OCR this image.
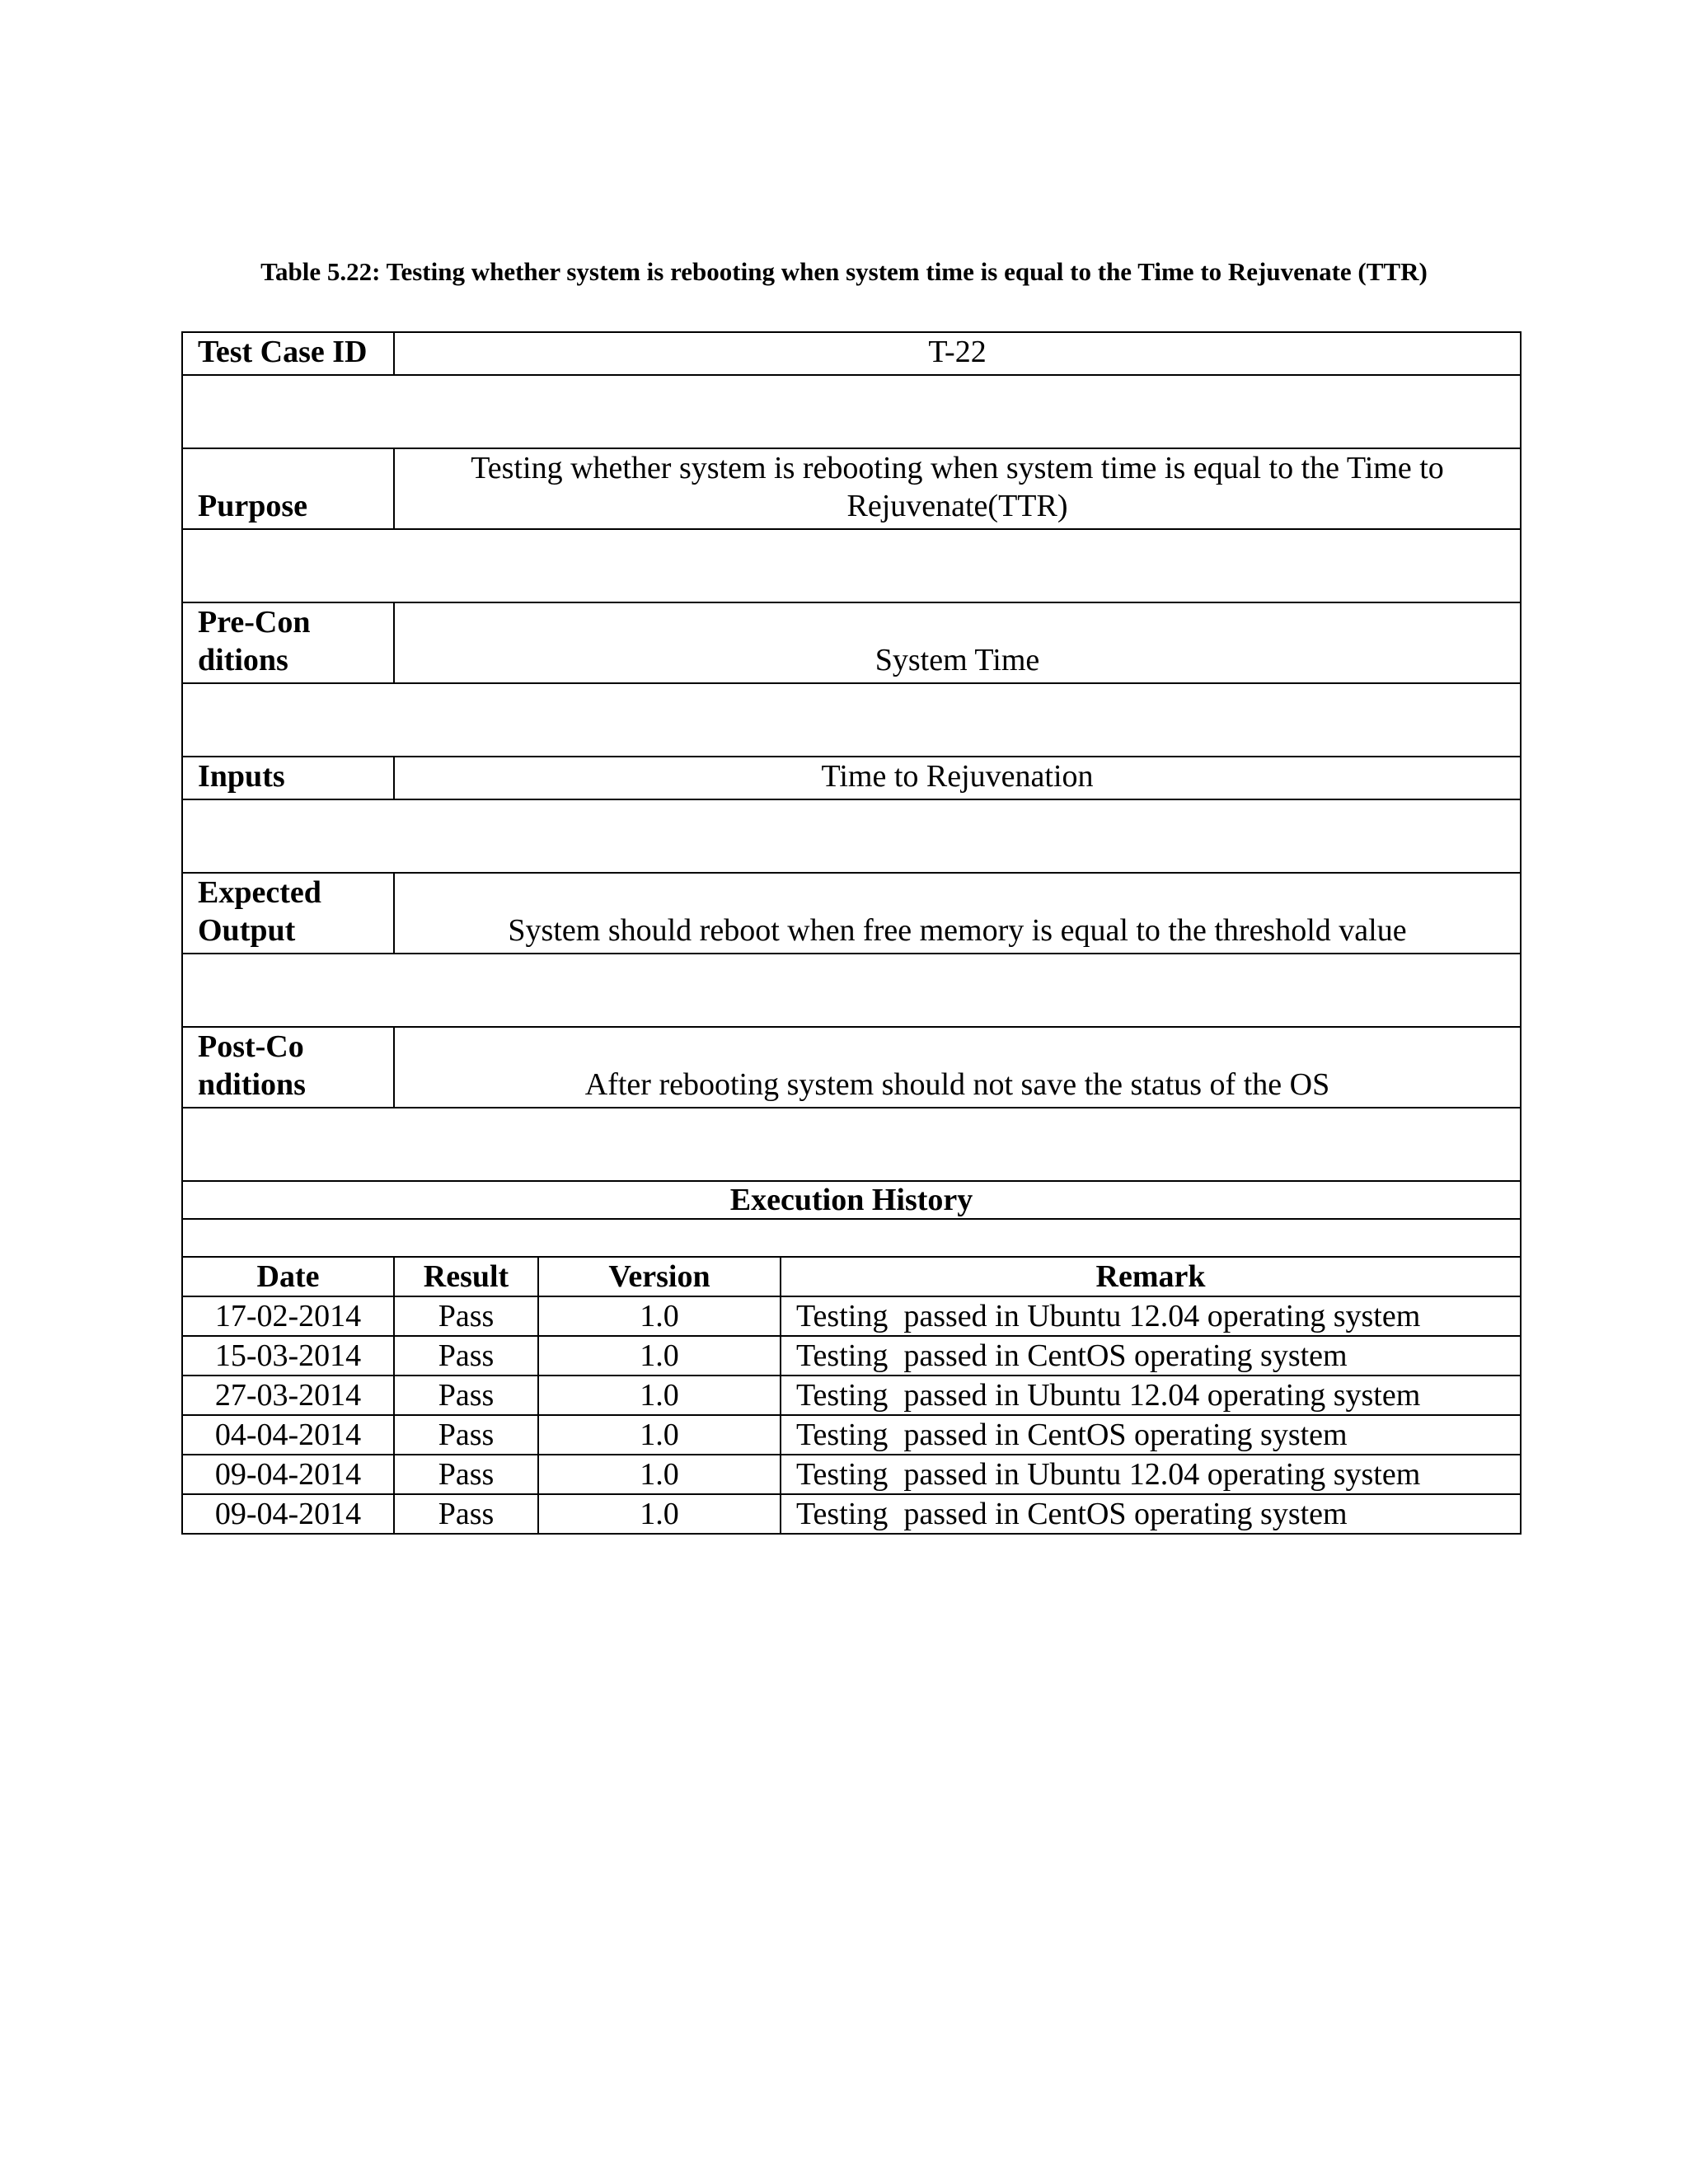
Table 5.22: Testing whether system is rebooting when system time is equal to the Time to Rejuvenate (TTR)
Test Case ID	T-22		

Purpose	Testing whether system is rebooting when system time is equal to the Time to Rejuvenate(TTR)		

Pre-Conditions	System Time		

Inputs	Time to Rejuvenation		

Expected Output	System should reboot when free memory is equal to the threshold value		

Post-Conditions	After rebooting system should not save the status of the OS		

Execution History			

Date	Result	Version	Remark
17-02-2014	Pass	1.0	Testing  passed in Ubuntu 12.04 operating system
15-03-2014	Pass	1.0	Testing  passed in CentOS operating system
27-03-2014	Pass	1.0	Testing  passed in Ubuntu 12.04 operating system
04-04-2014	Pass	1.0	Testing  passed in CentOS operating system
09-04-2014	Pass	1.0	Testing  passed in Ubuntu 12.04 operating system
09-04-2014	Pass	1.0	Testing  passed in CentOS operating system
